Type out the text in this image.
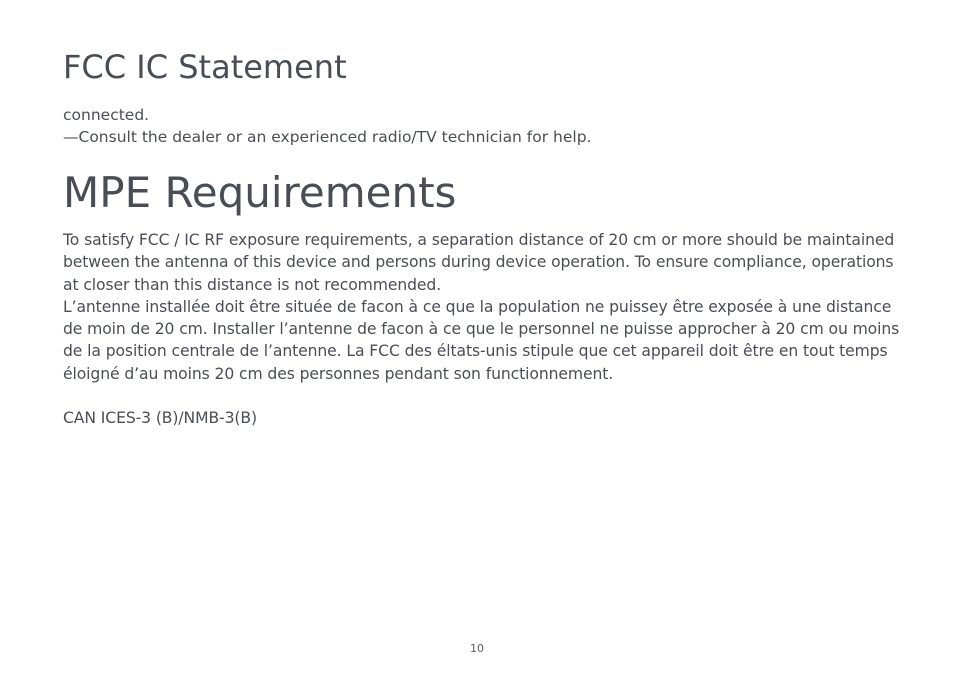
FCC IC Statement

connected.

—Consult the dealer or an experienced radio/TV technician for help.

MPE Requirements

To satisfy FCC / IC RF exposure requirements, a separation distance of 20 cm or more should be maintained between the antenna of this device and persons during device operation. To ensure compliance, operations at closer than this distance is not recommended.

L’antenne installée doit être située de facon à ce que la population ne puissey être exposée à une distance de moin de 20 cm. Installer l’antenne de facon à ce que le personnel ne puisse approcher à 20 cm ou moins de la position centrale de l’antenne. La FCC des éltats-unis stipule que cet appareil doit être en tout temps éloigné d’au moins 20 cm des personnes pendant son functionnement.

CAN ICES-3 (B)/NMB-3(B)

10
